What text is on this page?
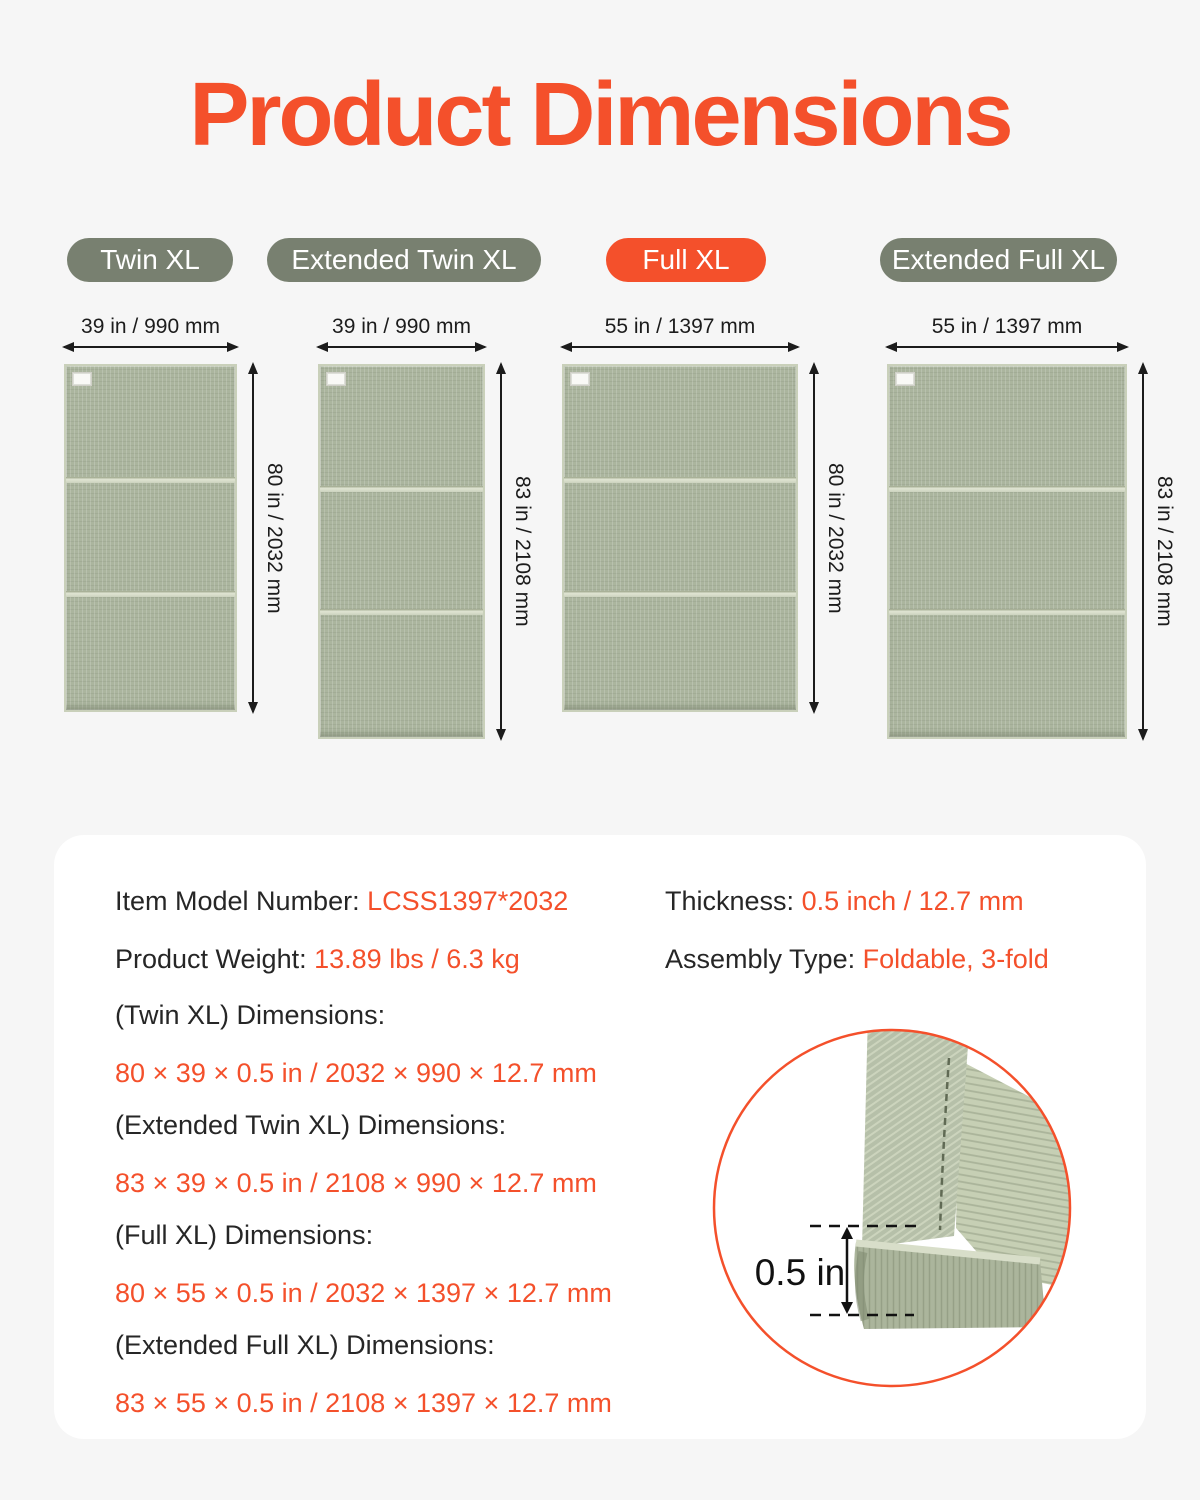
Product Dimensions
Twin XL
39 in / 990 mm
80 in / 2032 mm
Extended Twin XL
39 in / 990 mm
83 in / 2108 mm
Full XL
55 in / 1397 mm
80 in / 2032 mm
Extended Full XL
55 in / 1397 mm
83 in / 2108 mm
Item Model Number: LCSS1397*2032	Thickness: 0.5 inch / 12.7 mm
Product Weight: 13.89 lbs / 6.3 kg	Assembly Type: Foldable, 3-fold
(Twin XL) Dimensions:
80 × 39 × 0.5 in / 2032 × 990 × 12.7 mm
(Extended Twin XL) Dimensions:
83 × 39 × 0.5 in / 2108 × 990 × 12.7 mm
(Full XL) Dimensions:
80 × 55 × 0.5 in / 2032 × 1397 × 12.7 mm
(Extended Full XL) Dimensions:
83 × 55 × 0.5 in / 2108 × 1397 × 12.7 mm
0.5 in
